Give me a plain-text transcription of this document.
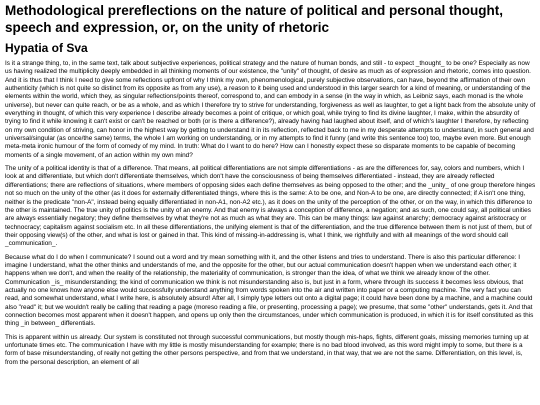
Methodological prereflections on the nature of political and personal thought, speech and expression, or, on the unity of rhetoric
Hypatia of Sva

Is it a strange thing, to, in the same text, talk about subjective experiences, political strategy and the nature of human bonds, and still - to expect _thought_ to be one? Especially as now us having realized the multiplicity deeply embedded in all thinking moments of our existence, the "unity" of thought, of desire as much as of expression and rhetoric, comes into question. And it is thus that I think I need to give some reflections upfront of why I think my own, phenomenological, purely subjective observations, can have, beyond the affirmation of their own authenticity (which is not quite so distinct from its opposite as from any use), a reason to it being used and understood in this larger search for a kind of meaning, or understanding of the elements within the world, which they, as singular reflections/points thereof, correspond to, and can embody in a sense (in the way in which, as Leibniz says, each monad is the whole universe), but never can quite reach, or be as a whole, and as which I therefore try to strive for understanding, forgiveness as well as laughter, to get a light back from the absolute unity of everything in thought, of which this very experience I describe already becomes a point of critique, or which goal, while trying to find its divine laughter, I make, within the absurdity of trying to find it while knowing it can't exist or can't be reached or both (or is there a difference?), already having had laughed about itself, and of which's laughter I therefore, by reflecting on my own condition of striving, can honor in the highest way by getting to understand it in its reflection, reflected back to me in my desperate attempts to understand, in such general and universal/singular (as once/the same) terms, the whole I am working on understanding, or in my attempts to find it funny (and write this sentence too) too, maybe even more. But enough meta-meta ironic humour of the form of comedy of my mind. In truth: What do I want to do here? How can I honestly expect these so disparate moments to be capable of becoming moments of a single movement, of an action within my own mind?

The unity of a political identity is that of a difference. That means, all political differentiations are not simple differentiations - as are the differences for, say, colors and numbers, which I look at and differentiate, but which don't differentiate themselves, which don't have the consciousness of being themselves differentiated - instead, they are already reflected differentiations; there are reflections of situations, where members of opposing sides each define themselves as being opposed to the other; and the _unity_ of one group therefore hinges not so much on the unity of the other (as it does for externally differentiated things, where this is the same: A to be one, and Non-A to be one, are directly connected; if A isn't one thing, neither is the predicate "non-A", instead being equally differentiated in non-A1, non-A2 etc.), as it does on the unity of the perception of the other, or on the way, in which this difference to the other is maintained. The true unity of politics is the unity of an enemy. And that enemy is always a conception of difference, a negation; and as such, one could say, all political unities are always essentially negatory; they define themselves by what they're not as much as what they are. This can be many things: law against anarchy; democracy against aristocracy or technocracy; capitalism against socialism etc. In all these differentiations, the unifying element is that of the differentiation, and the true difference between them is not just of them, but of their opposing view(s) of the other, and what is lost or gained in that. This kind of missing-in-addressing is, what I think, we rightfully and with all meanings of the word should call _communication_.

Because what do I do when I communicate? I sound out a word and try mean something with it, and the other listens and tries to understand. There is also this particular difference: I imagine I understand, what the other thinks and understands of me, and the opposite for the other, but our actual communication doesn't happen when we understand each other; it happens when we don't, and when the reality of the relationship, the materiality of communication, is stronger than the idea, of what we think we already know of the other. Communication _is_ misunderstanding; the kind of communication we think is not misunderstanding also is, but just in a form, where through its success it becomes less obvious, that actually no one knows how anyone else would successfully understand anything from words spoken into the air and written into paper or a computing machine. The very fact you can read, and somewhat understand, what I write here, is absolutely absurd! After all, I simply type letters out onto a digital page; it could have been done by a machine, and a machine could also "read" it; but we wouldn't really be calling that reading a page (moreso reading a file, or presenting, processing a page); we presume, that some "other" understands, gets it. And that connection becomes most apparent when it doesn't happen, and opens up only then the circumstances, under which communication is produced, in which it is for itself constituted as this thing _in between_ differentials.

This is apparent within us already. Our system is constituted not through successful communications, but mostly though mis-haps, fights, different goals, missing memories turning up at unfortunate times etc. The communication I have with my little is mostly misunderstanding for example; there is no bad blood involved, as this word might imply to some, but there is a form of base misunderstanding, of really not getting the other persons perspective, and from that we understand, in that way, that we are not the same. Differentiation, on this level, is, from the personal description, an element of all
